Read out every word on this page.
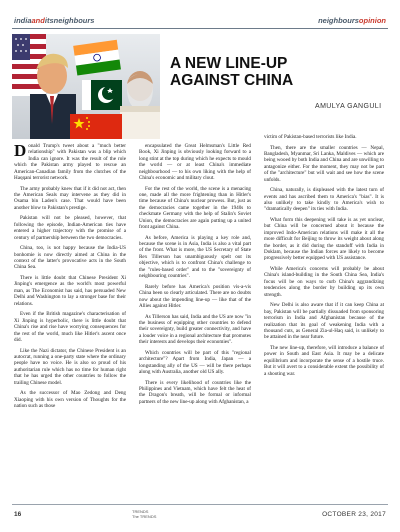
indiaanditsneighbours	neighboursopinion
A NEW LINE-UP AGAINST CHINA
AMULYA GANGULI

Donald Trump's tweet about a "much better relationship" with Pakistan was a blip which India can ignore. It was the result of the role which the Pakistan army played to rescue an American-Canadian family from the clutches of the Haqqani terrorist network.

The army probably knew that if it did not act, then the American Seals may intervene as they did in Osama bin Laden's case. That would have been another blow to Pakistan's prestige.

Pakistan will not be pleased, however, that following the episode, Indian-American ties have entered a higher trajectory with the promise of a century of partnership between the two democracies.

China, too, is not happy because the India-US bonhomie is now directly aimed at China in the context of the latter's provocative acts in the South China Sea.

There is little doubt that Chinese President Xi Jinping's emergence as the world's most powerful man, as The Economist has said, has persuaded New Delhi and Washington to lay a stronger base for their relations.

Even if the British magazine's characterisation of Xi Jinping is hyperbolic, there is little doubt that China's rise and rise have worrying consequences for the rest of the world, much like Hitler's ascent once did.

Like the Nazi dictator, the Chinese President is an autocrat, running a one-party state where the ordinary people have no voice. He is also so proud of his authoritarian rule which has no time for human right that he has urged the other countries to follow the trailing Chinese model.

As the successor of Mao Zedong and Deng Xiaoping with his own version of Thoughts for the nation such as those

encapsulated the Great Helmsman's Little Red Book, Xi Jinping is obviously looking forward to a long stint at the top during which he expects to mould the world — or at least China's immediate neighbourhood — to his own liking with the help of China's economic and military clout.

For the rest of the world, the scene is a menacing one, made all the more frightening than in Hitler's time because of China's nuclear prowess. But, just as the democracies came together in the 1940s to checkmate Germany with the help of Stalin's Soviet Union, the democracies are again putting up a united front against China.

As before, America is playing a key role and, because the scene is in Asia, India is also a vital part of the front. What is more, the US Secretary of State Rex Tillerson has unambiguously spelt out its objective, which is to confront China's challenge to the "rules-based order" and to the "sovereignty of neighbouring countries".

Rarely before has America's position vis-a-vis China been so clearly articulated. There are no doubts now about the impending line-up — like that of the Allies against Hitler.

As Tillerson has said, India and the US are now "in the business of equipping other countries to defend their sovereignty, build greater connectivity, and have a louder voice in a regional architecture that promotes their interests and develops their economies".

Which countries will be part of this "regional architecture"? Apart from India, Japan — a longstanding ally of the US — will be there perhaps along with Australia, another old US ally.

There is every likelihood of countries like the Philippines and Vietnam, which have felt the heat of the Dragon's breath, will be formal or informal partners of the new line-up along with Afghanistan, a

victim of Pakistan-based terrorists like India.

Then, there are the smaller countries — Nepal, Bangladesh, Myanmar, Sri Lanka, Maldives — which are being wooed by both India and China and are unwilling to antagonize either. For the moment, they may not be part of the "architecture" but will wait and see how the scene unfolds.

China, naturally, is displeased with the latest turn of events and has ascribed them to America's "bias". It is also unlikely to take kindly to America's wish to "dramatically deepen" its ties with India.

What form this deepening will take is as yet unclear, but China will be concerned about it because the improved Indo-American relations will make it all the more difficult for Beijing to throw its weight about along the border, as it did during the standoff with India in Doklam, because the Indian forces are likely to become progressively better equipped with US assistance.

While America's concerns will probably be about China's island-building in the South China Sea, India's focus will be on ways to curb China's aggrandizing tendencies along the border by building up its own strength.

New Delhi is also aware that if it can keep China at bay, Pakistan will be partially dissuaded from sponsoring terrorism in India and Afghanistan because of the realization that its goal of weakening India with a thousand cuts, as General Zia-ul-Haq said, is unlikely to be attained in the near future.

The new line-up, therefore, will introduce a balance of power in South and East Asia. It may be a delicate equilibrium and incorporate the sense of a hostile truce. But it will avert to a considerable extent the possibility of a shooting war.

16	TRENDS
The TRENDS	OCTOBER 23, 2017
